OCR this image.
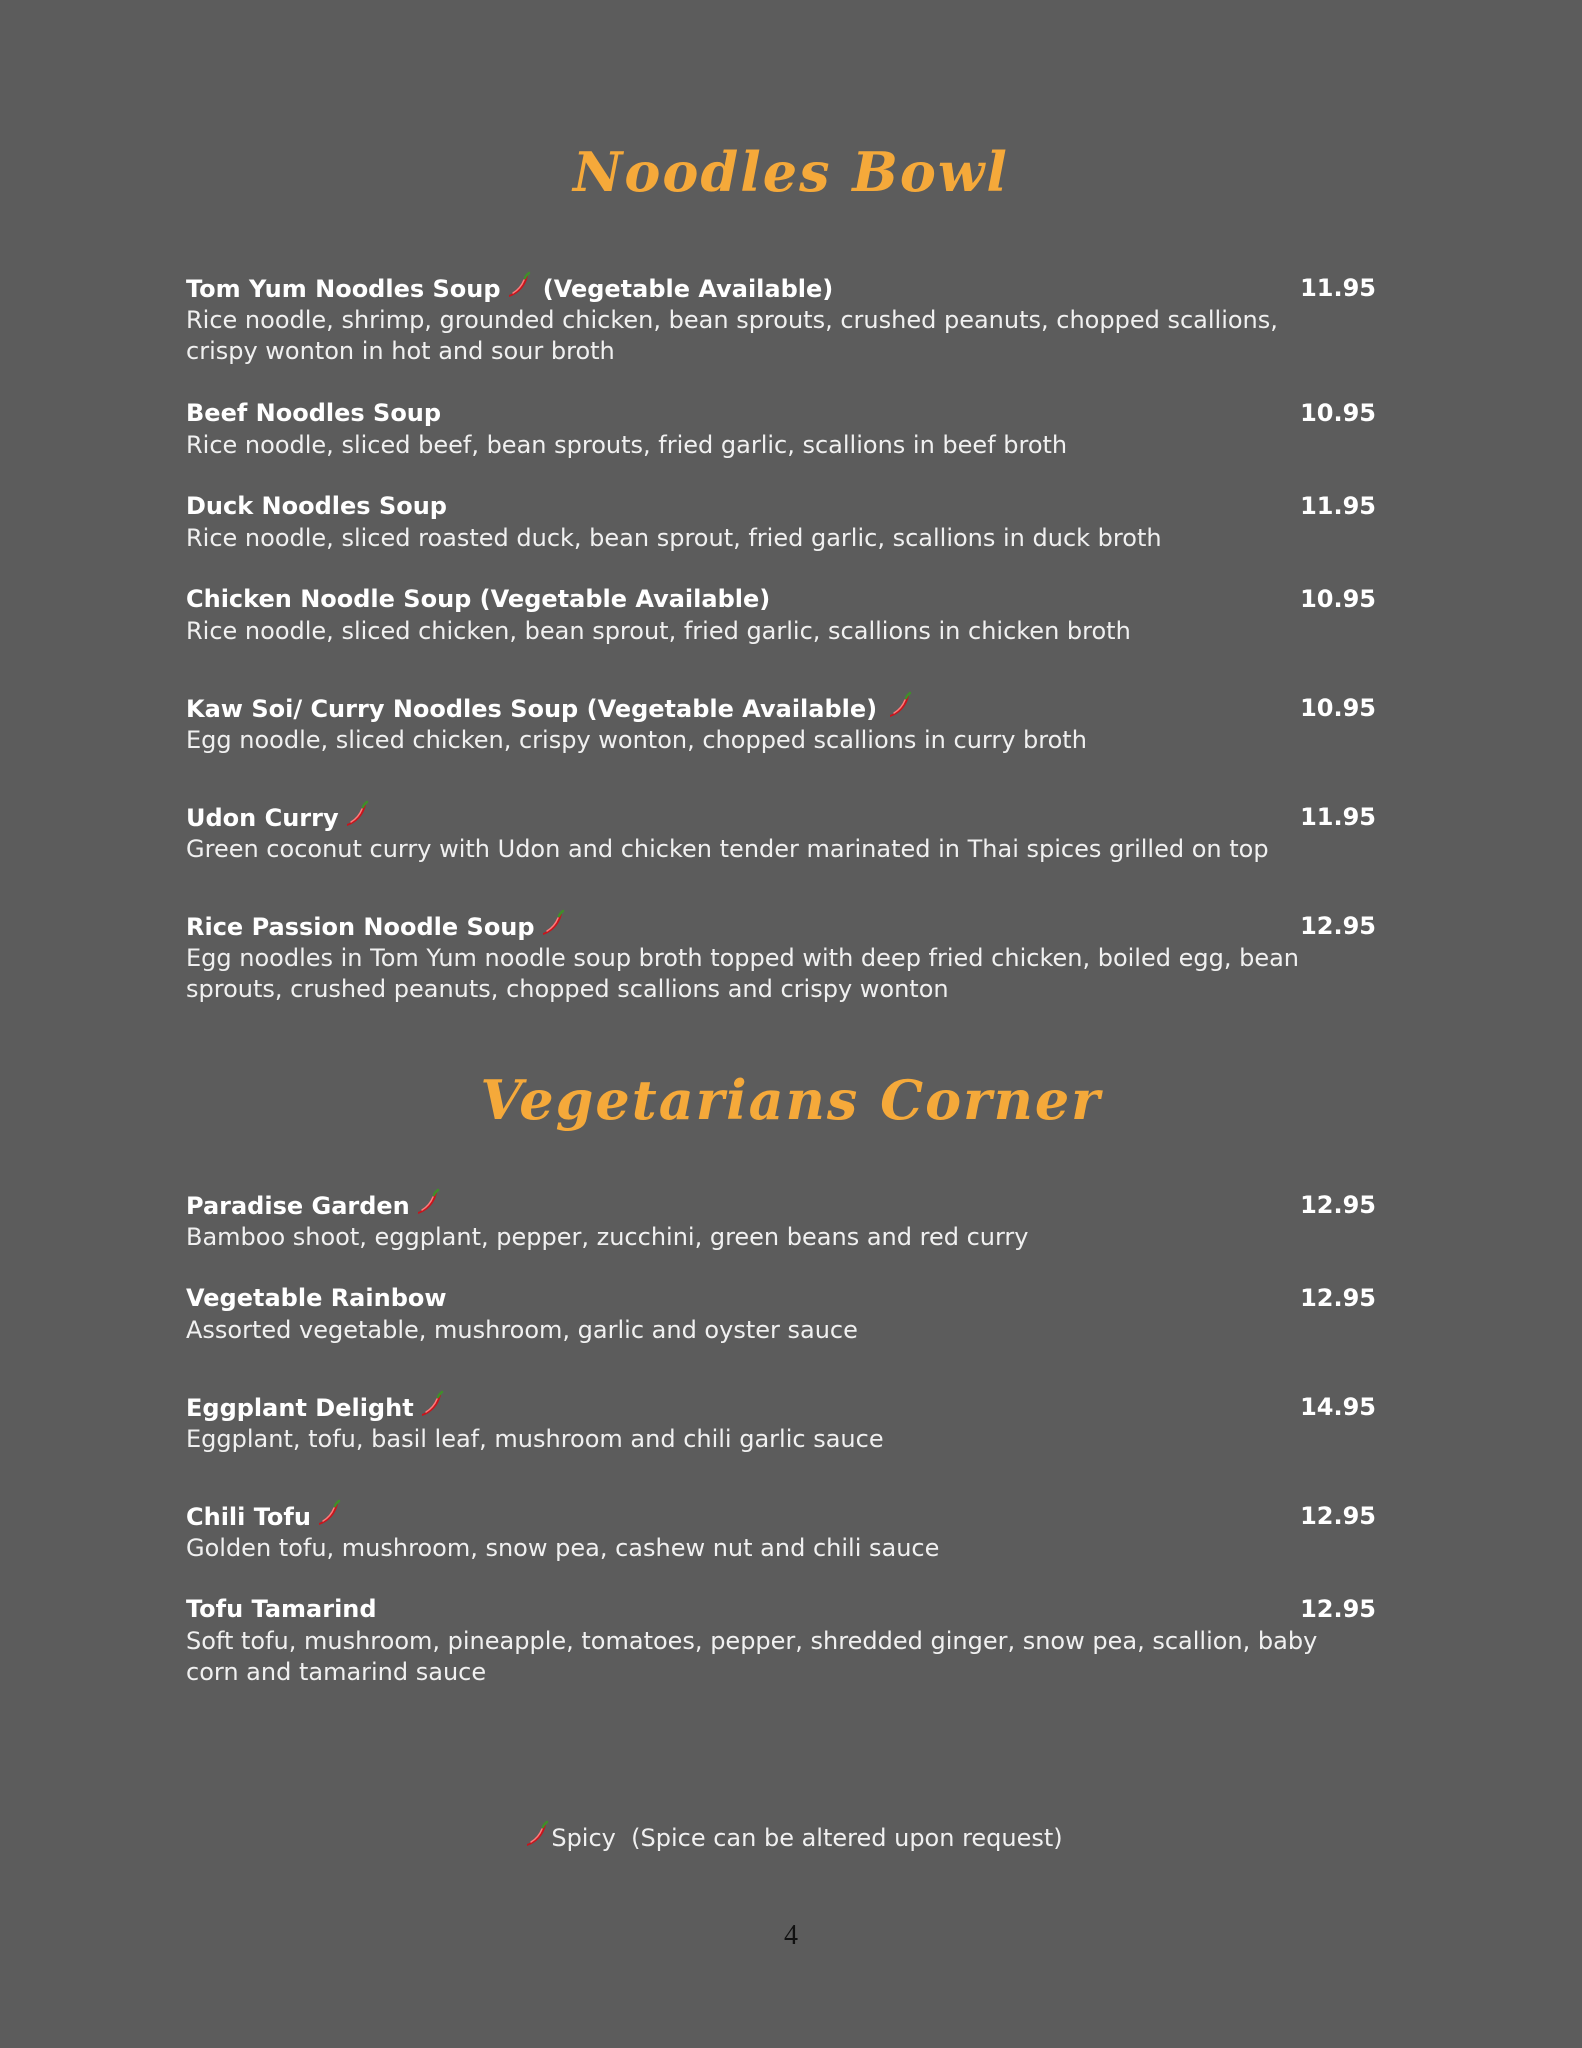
Noodles Bowl
Tom Yum Noodles Soup (Vegetable Available)	11.95
Rice noodle, shrimp, grounded chicken, bean sprouts, crushed peanuts, chopped scallions, crispy wonton in hot and sour broth
Beef Noodles Soup	10.95
Rice noodle, sliced beef, bean sprouts, fried garlic, scallions in beef broth
Duck Noodles Soup	11.95
Rice noodle, sliced roasted duck, bean sprout, fried garlic, scallions in duck broth
Chicken Noodle Soup (Vegetable Available)	10.95
Rice noodle, sliced chicken, bean sprout, fried garlic, scallions in chicken broth
Kaw Soi/ Curry Noodles Soup (Vegetable Available)	10.95
Egg noodle, sliced chicken, crispy wonton, chopped scallions in curry broth
Udon Curry	11.95
Green coconut curry with Udon and chicken tender marinated in Thai spices grilled on top
Rice Passion Noodle Soup	12.95
Egg noodles in Tom Yum noodle soup broth topped with deep fried chicken, boiled egg, bean sprouts, crushed peanuts, chopped scallions and crispy wonton
Vegetarians Corner
Paradise Garden	12.95
Bamboo shoot, eggplant, pepper, zucchini, green beans and red curry
Vegetable Rainbow	12.95
Assorted vegetable, mushroom, garlic and oyster sauce
Eggplant Delight	14.95
Eggplant, tofu, basil leaf, mushroom and chili garlic sauce
Chili Tofu	12.95
Golden tofu, mushroom, snow pea, cashew nut and chili sauce
Tofu Tamarind	12.95
Soft tofu, mushroom, pineapple, tomatoes, pepper, shredded ginger, snow pea, scallion, baby corn and tamarind sauce
Spicy  (Spice can be altered upon request)
4
